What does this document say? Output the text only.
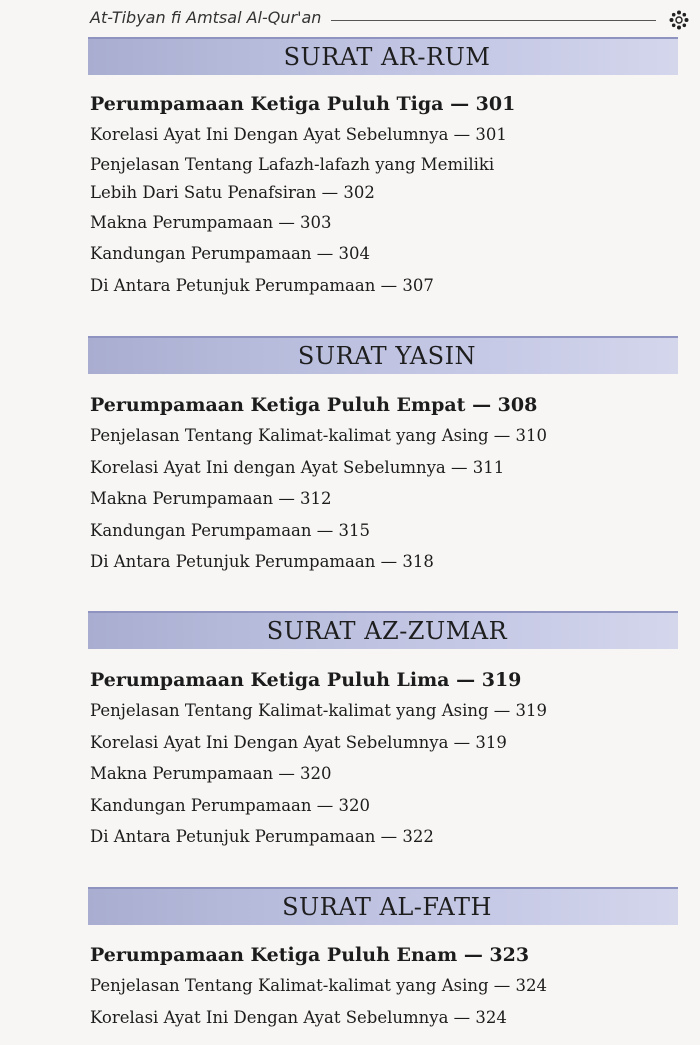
At-Tibyan fi Amtsal Al-Qur'an
SURAT AR-RUM
Perumpamaan Ketiga Puluh Tiga — 301
Korelasi Ayat Ini Dengan Ayat Sebelumnya — 301
Penjelasan Tentang Lafazh-lafazh yang Memiliki Lebih Dari Satu Penafsiran — 302
Makna Perumpamaan — 303
Kandungan Perumpamaan — 304
Di Antara Petunjuk Perumpamaan — 307
SURAT YASIN
Perumpamaan Ketiga Puluh Empat — 308
Penjelasan Tentang Kalimat-kalimat yang Asing — 310
Korelasi Ayat Ini dengan Ayat Sebelumnya — 311
Makna Perumpamaan — 312
Kandungan Perumpamaan — 315
Di Antara Petunjuk Perumpamaan — 318
SURAT AZ-ZUMAR
Perumpamaan Ketiga Puluh Lima — 319
Penjelasan Tentang Kalimat-kalimat yang Asing — 319
Korelasi Ayat Ini Dengan Ayat Sebelumnya — 319
Makna Perumpamaan — 320
Kandungan Perumpamaan — 320
Di Antara Petunjuk Perumpamaan — 322
SURAT AL-FATH
Perumpamaan Ketiga Puluh Enam — 323
Penjelasan Tentang Kalimat-kalimat yang Asing — 324
Korelasi Ayat Ini Dengan Ayat Sebelumnya — 324
